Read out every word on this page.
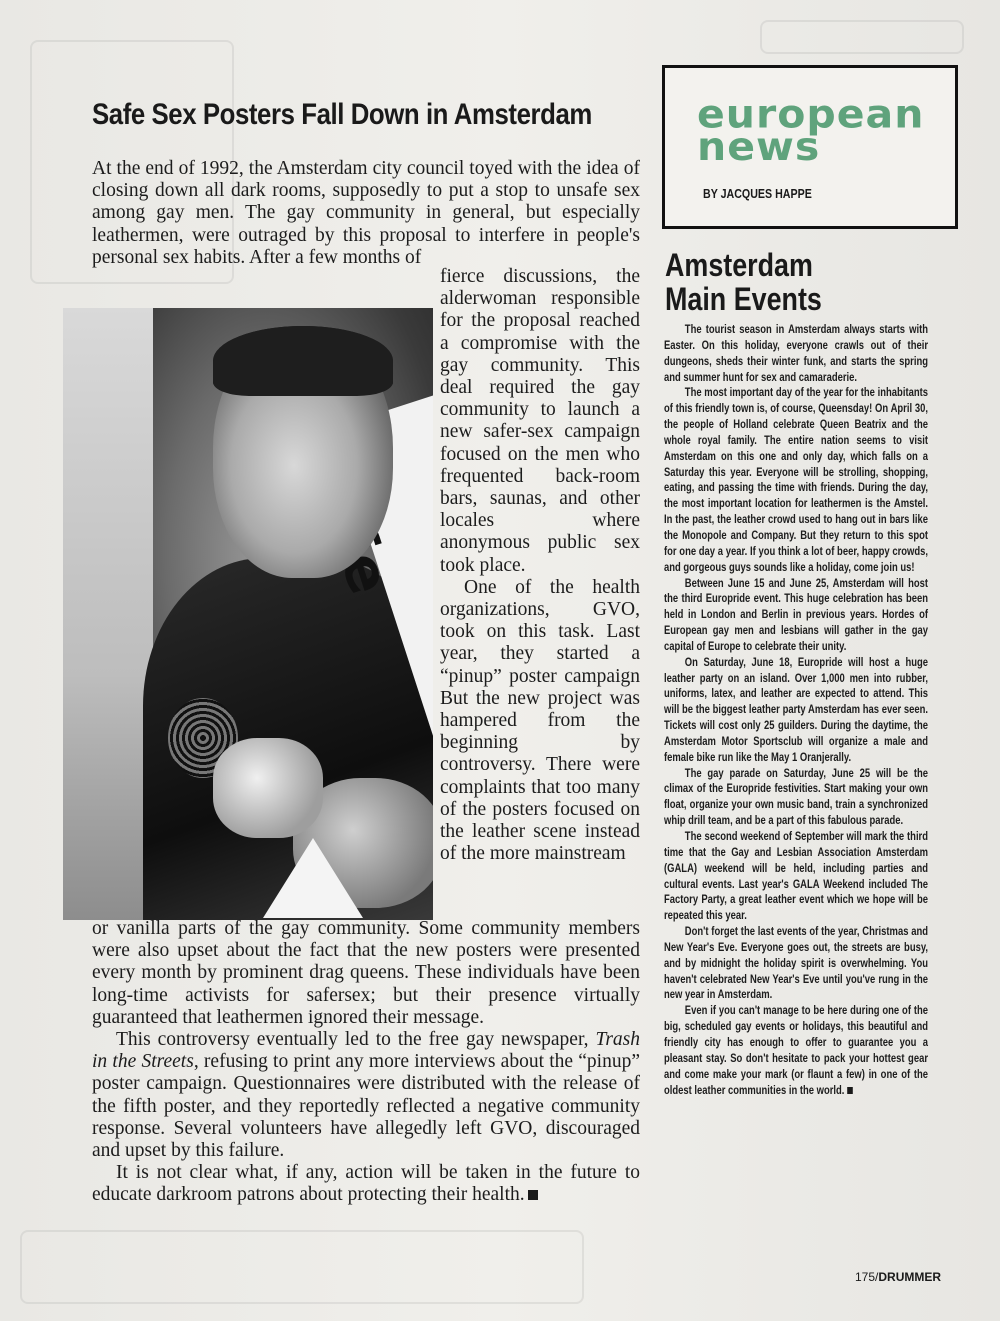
Safe Sex Posters Fall Down in Amsterdam

At the end of 1992, the Amsterdam city council toyed with the idea of closing down all dark rooms, supposedly to put a stop to unsafe sex among gay men. The gay community in general, but especially leathermen, were outraged by this proposal to interfere in people's personal sex habits. After a few months of

fierce discussions, the alderwoman responsible for the proposal reached a compromise with the gay community. This deal required the gay community to launch a new safer-sex campaign focused on the men who frequented back-room bars, saunas, and other locales where anonymous public sex took place.

One of the health organizations, GVO, took on this task. Last year, they started a “pinup” poster campaign But the new project was hampered from the beginning by controversy. There were complaints that too many of the posters focused on the leather scene instead of the more mainstream

or vanilla parts of the gay community. Some community members were also upset about the fact that the new posters were presented every month by prominent drag queens. These individuals have been long-time activists for safersex; but their presence virtually guaranteed that leathermen ignored their message.

This controversy eventually led to the free gay newspaper, Trash in the Streets, refusing to print any more interviews about the “pinup” poster campaign. Questionnaires were distributed with the release of the fifth poster, and they reportedly reflected a negative community response. Several volunteers have allegedly left GVO, discouraged and upset by this failure.

It is not clear what, if any, action will be taken in the future to educate darkroom patrons about protecting their health.

european
news
BY JACQUES HAPPE
Amsterdam
Main Events

The tourist season in Amsterdam always starts with Easter. On this holiday, everyone crawls out of their dungeons, sheds their winter funk, and starts the spring and summer hunt for sex and camaraderie.

The most important day of the year for the inhabitants of this friendly town is, of course, Queensday! On April 30, the people of Holland celebrate Queen Beatrix and the whole royal family. The entire nation seems to visit Amsterdam on this one and only day, which falls on a Saturday this year. Everyone will be strolling, shopping, eating, and passing the time with friends. During the day, the most important location for leathermen is the Amstel. In the past, the leather crowd used to hang out in bars like the Monopole and Company. But they return to this spot for one day a year. If you think a lot of beer, happy crowds, and gorgeous guys sounds like a holiday, come join us!

Between June 15 and June 25, Amsterdam will host the third Europride event. This huge celebration has been held in London and Berlin in previous years. Hordes of European gay men and lesbians will gather in the gay capital of Europe to celebrate their unity.

On Saturday, June 18, Europride will host a huge leather party on an island. Over 1,000 men into rubber, uniforms, latex, and leather are expected to attend. This will be the biggest leather party Amsterdam has ever seen. Tickets will cost only 25 guilders. During the daytime, the Amsterdam Motor Sportsclub will organize a male and female bike run like the May 1 Oranjerally.

The gay parade on Saturday, June 25 will be the climax of the Europride festivities. Start making your own float, organize your own music band, train a synchronized whip drill team, and be a part of this fabulous parade.

The second weekend of September will mark the third time that the Gay and Lesbian Association Amsterdam (GALA) weekend will be held, including parties and cultural events. Last year's GALA Weekend included The Factory Party, a great leather event which we hope will be repeated this year.

Don't forget the last events of the year, Christmas and New Year's Eve. Everyone goes out, the streets are busy, and by midnight the holiday spirit is overwhelming. You haven't celebrated New Year's Eve until you've rung in the new year in Amsterdam.

Even if you can't manage to be here during one of the big, scheduled gay events or holidays, this beautiful and friendly city has enough to offer to guarantee you a pleasant stay. So don't hesitate to pack your hottest gear and come make your mark (or flaunt a few) in one of the oldest leather communities in the world.

175/DRUMMER
